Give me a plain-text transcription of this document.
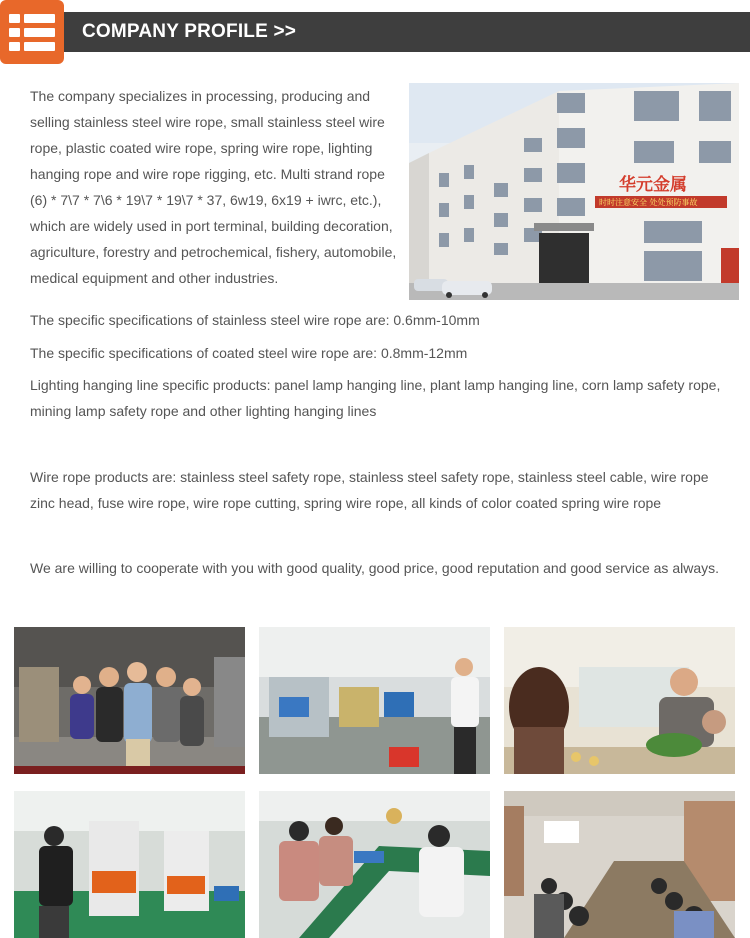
COMPANY PROFILE >>

The company specializes in processing, producing and selling stainless steel wire rope, small stainless steel wire rope, plastic coated wire rope, spring wire rope, lighting hanging rope and wire rope rigging, etc. Multi strand rope (6) * 7\7 * 7\6 * 19\7 * 19\7 * 37, 6w19, 6x19 + iwrc, etc.), which are widely used in port terminal, building decoration, agriculture, forestry and petrochemical, fishery, automobile, medical equipment and other industries.

华元金属
时时注意安全 处处预防事故

The specific specifications of stainless steel wire rope are: 0.6mm-10mm

The specific specifications of coated steel wire rope are: 0.8mm-12mm

Lighting hanging line specific products: panel lamp hanging line, plant lamp hanging line, corn lamp safety rope, mining lamp safety rope and other lighting hanging lines

Wire rope products are: stainless steel safety rope, stainless steel safety rope, stainless steel cable, wire rope zinc head, fuse wire rope, wire rope cutting, spring wire rope, all kinds of color coated spring wire rope

We are willing to cooperate with you with good quality, good price, good reputation and good service as always.
